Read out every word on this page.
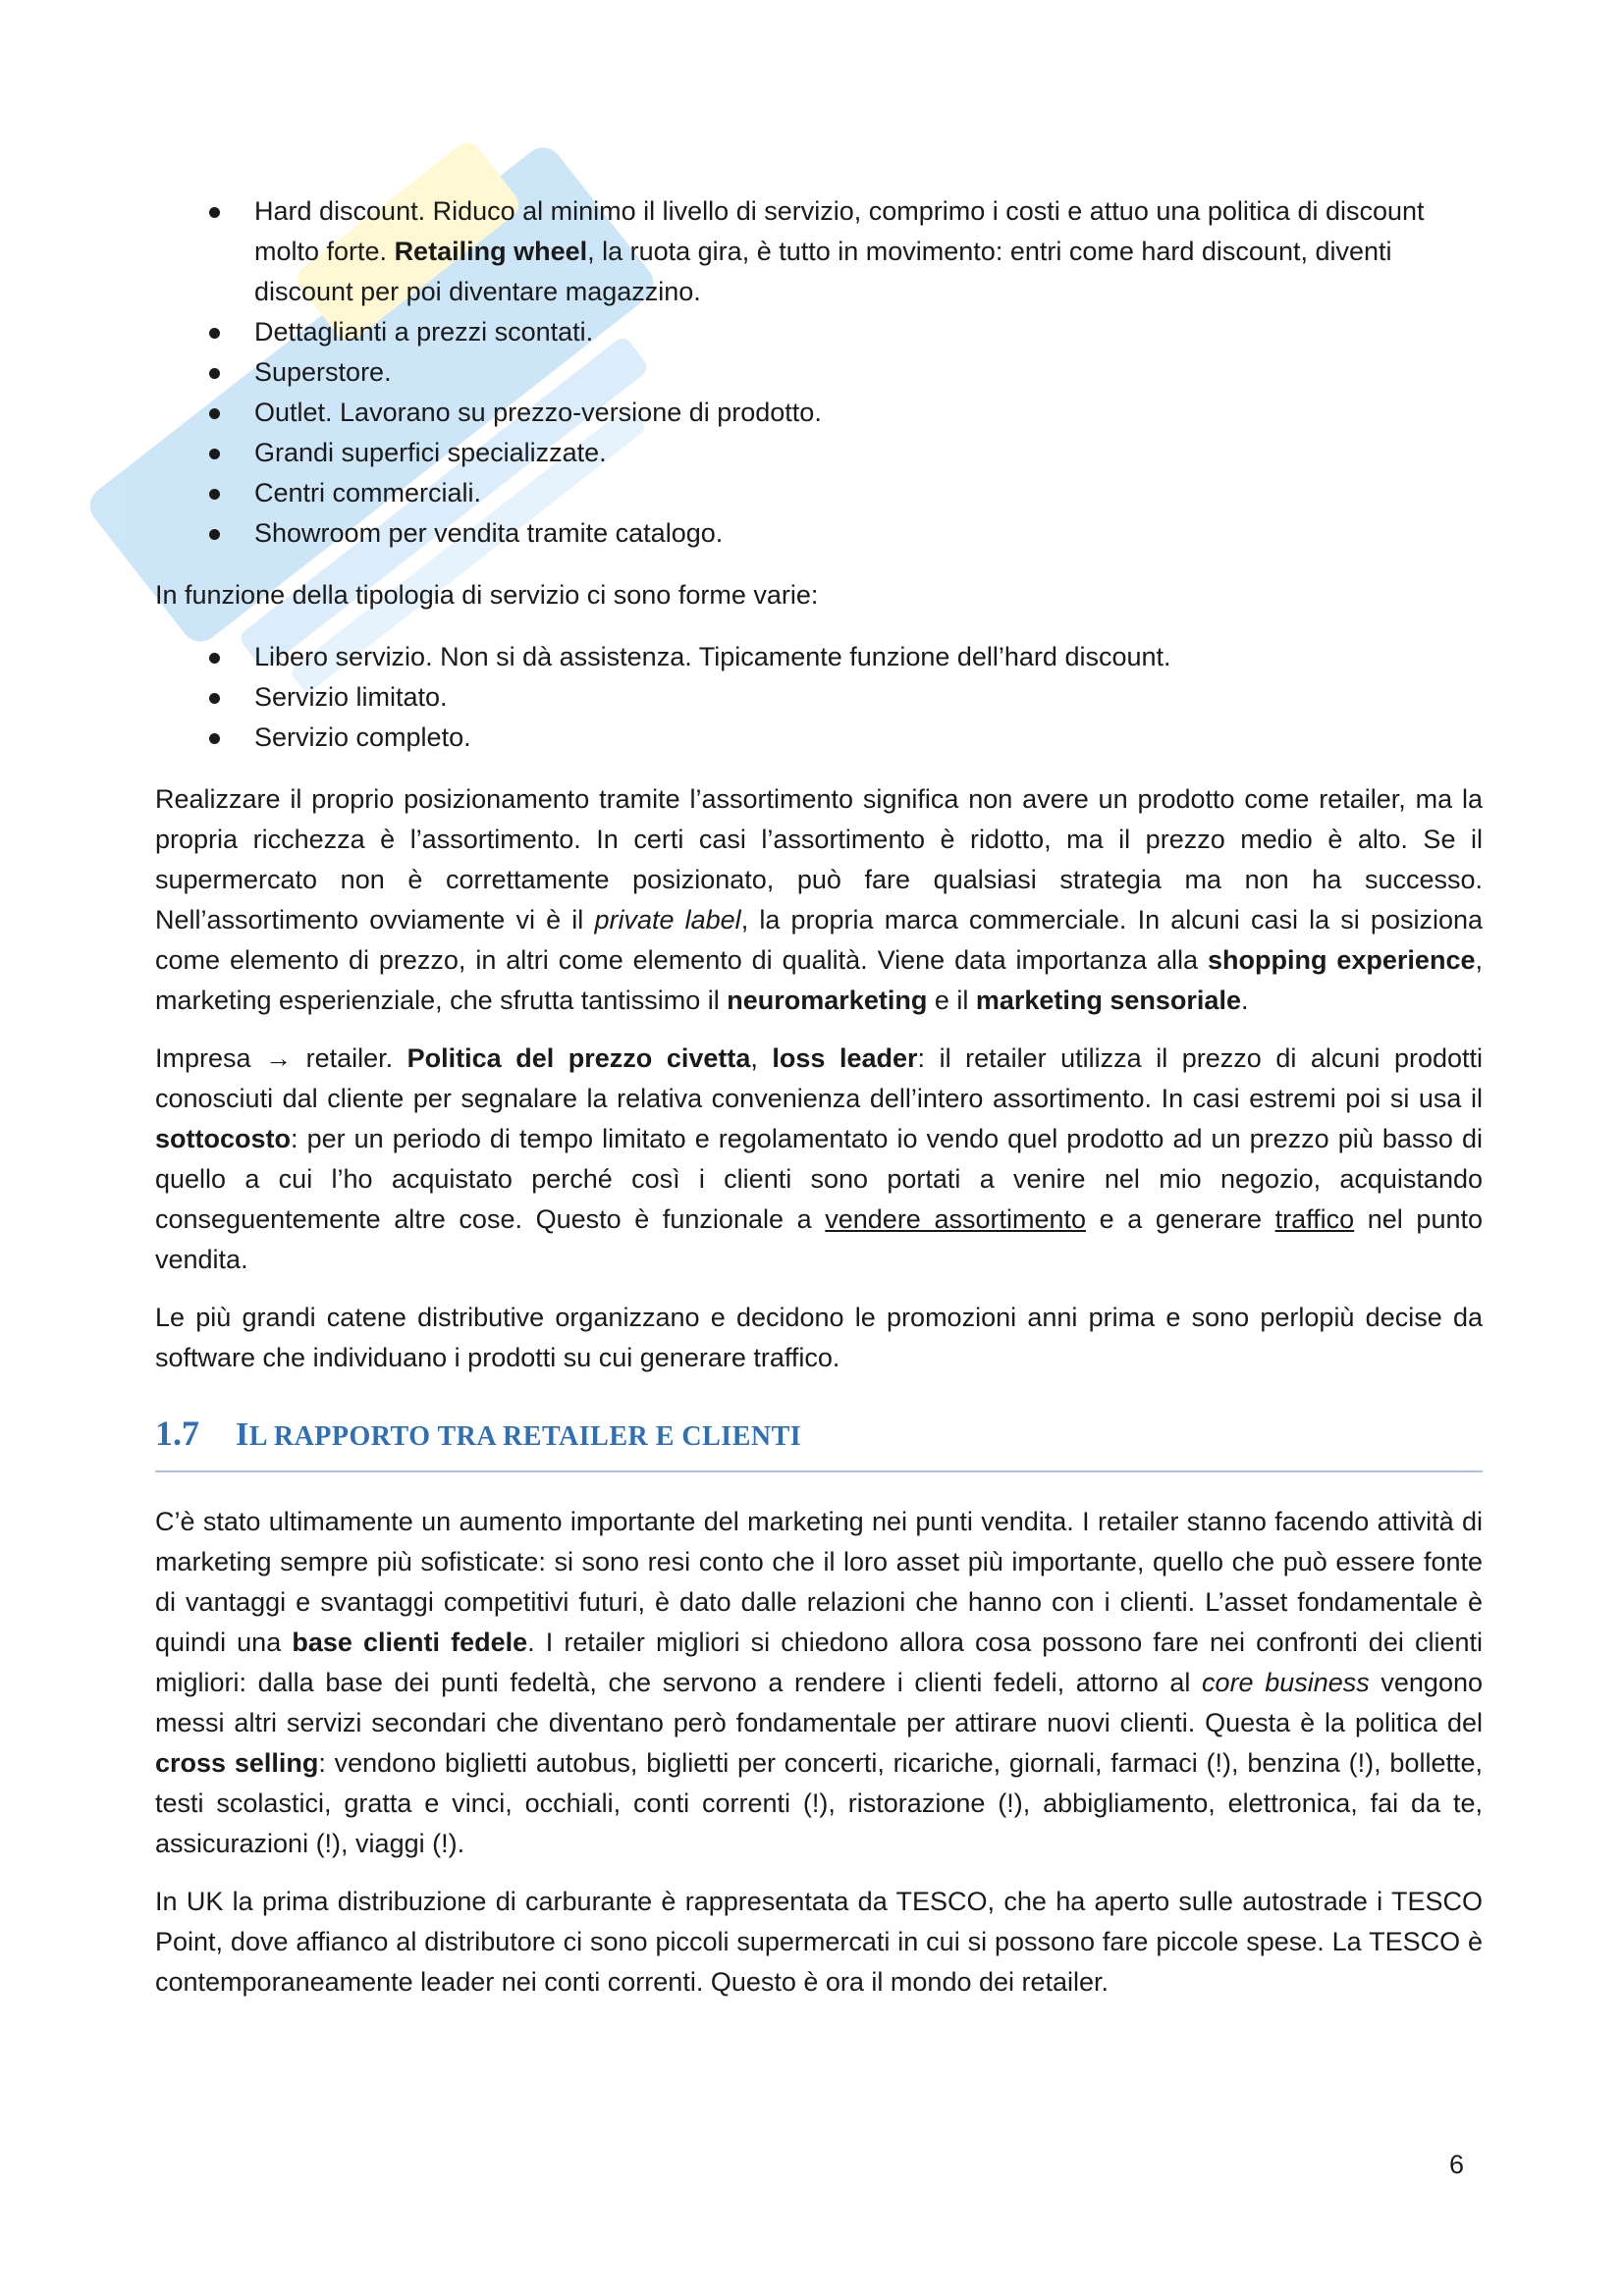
Hard discount. Riduco al minimo il livello di servizio, comprimo i costi e attuo una politica di discount molto forte. Retailing wheel, la ruota gira, è tutto in movimento: entri come hard discount, diventi discount per poi diventare magazzino.
Dettaglianti a prezzi scontati.
Superstore.
Outlet. Lavorano su prezzo-versione di prodotto.
Grandi superfici specializzate.
Centri commerciali.
Showroom per vendita tramite catalogo.

In funzione della tipologia di servizio ci sono forme varie:

Libero servizio. Non si dà assistenza. Tipicamente funzione dell’hard discount.
Servizio limitato.
Servizio completo.

Realizzare il proprio posizionamento tramite l’assortimento significa non avere un prodotto come retailer, ma la propria ricchezza è l’assortimento. In certi casi l’assortimento è ridotto, ma il prezzo medio è alto. Se il supermercato non è correttamente posizionato, può fare qualsiasi strategia ma non ha successo. Nell’assortimento ovviamente vi è il private label, la propria marca commerciale. In alcuni casi la si posiziona come elemento di prezzo, in altri come elemento di qualità. Viene data importanza alla shopping experience, marketing esperienziale, che sfrutta tantissimo il neuromarketing e il marketing sensoriale.

Impresa → retailer. Politica del prezzo civetta, loss leader: il retailer utilizza il prezzo di alcuni prodotti conosciuti dal cliente per segnalare la relativa convenienza dell’intero assortimento. In casi estremi poi si usa il sottocosto: per un periodo di tempo limitato e regolamentato io vendo quel prodotto ad un prezzo più basso di quello a cui l’ho acquistato perché così i clienti sono portati a venire nel mio negozio, acquistando conseguentemente altre cose. Questo è funzionale a vendere assortimento e a generare traffico nel punto vendita.

Le più grandi catene distributive organizzano e decidono le promozioni anni prima e sono perlopiù decise da software che individuano i prodotti su cui generare traffico.

1.7	IL RAPPORTO TRA RETAILER E CLIENTI

C’è stato ultimamente un aumento importante del marketing nei punti vendita. I retailer stanno facendo attività di marketing sempre più sofisticate: si sono resi conto che il loro asset più importante, quello che può essere fonte di vantaggi e svantaggi competitivi futuri, è dato dalle relazioni che hanno con i clienti. L’asset fondamentale è quindi una base clienti fedele. I retailer migliori si chiedono allora cosa possono fare nei confronti dei clienti migliori: dalla base dei punti fedeltà, che servono a rendere i clienti fedeli, attorno al core business vengono messi altri servizi secondari che diventano però fondamentale per attirare nuovi clienti. Questa è la politica del cross selling: vendono biglietti autobus, biglietti per concerti, ricariche, giornali, farmaci (!), benzina (!), bollette, testi scolastici, gratta e vinci, occhiali, conti correnti (!), ristorazione (!), abbigliamento, elettronica, fai da te, assicurazioni (!), viaggi (!).

In UK la prima distribuzione di carburante è rappresentata da TESCO, che ha aperto sulle autostrade i TESCO Point, dove affianco al distributore ci sono piccoli supermercati in cui si possono fare piccole spese. La TESCO è contemporaneamente leader nei conti correnti. Questo è ora il mondo dei retailer.

6
